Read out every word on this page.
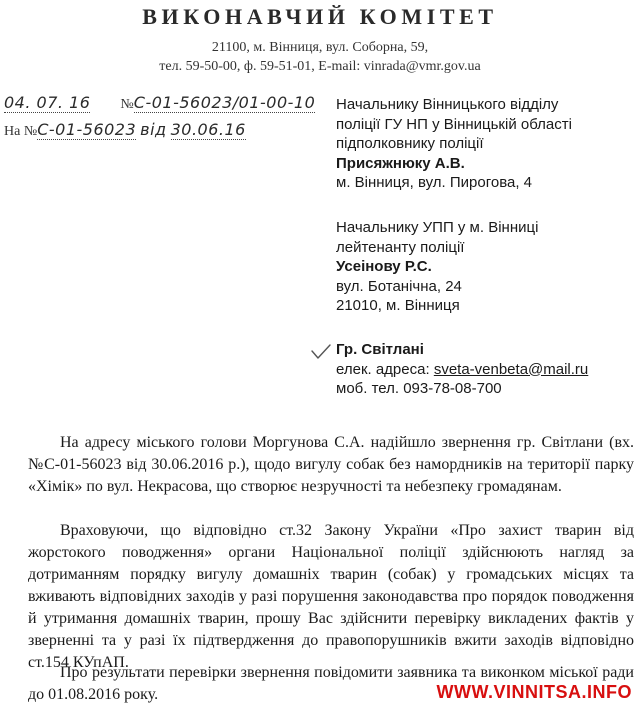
ВИКОНАВЧИЙ КОМІТЕТ
21100, м. Вінниця, вул. Соборна, 59,
тел. 59-50-00, ф. 59-51-01, E-mail: vinrada@vmr.gov.ua
04. 07. 16 №С-01-56023/01-00-10
На №С-01-56023 від 30.06.16
Начальнику Вінницького відділу
поліції ГУ НП у Вінницькій області
підполковнику поліції
Присяжнюку А.В.
м. Вінниця, вул. Пирогова, 4
Начальнику УПП у м. Вінниці
лейтенанту поліції
Усеінову Р.С.
вул. Ботанічна, 24
21010, м. Вінниця
Гр. Світлані
елек. адреса: sveta-venbeta@mail.ru
моб. тел. 093-78-08-700

На адресу міського голови Моргунова С.А. надійшло звернення гр. Світлани (вх. №С-01-56023 від 30.06.2016 р.), щодо вигулу собак без намордників на території парку «Хімік» по вул. Некрасова, що створює незручності та небезпеку громадянам.

Враховуючи, що відповідно ст.32 Закону України «Про захист тварин від жорстокого поводження» органи Національної поліції здійснюють нагляд за дотриманням порядку вигулу домашніх тварин (собак) у громадських місцях та вживають відповідних заходів у разі порушення законодавства про порядок поводження й утримання домашніх тварин, прошу Вас здійснити перевірку викладених фактів у зверненні та у разі їх підтвердження до правопорушників вжити заходів відповідно ст.154 КУпАП.

Про результати перевірки звернення повідомити заявника та виконком міської ради до 01.08.2016 року.	WWW.VINNITSA.INFO
